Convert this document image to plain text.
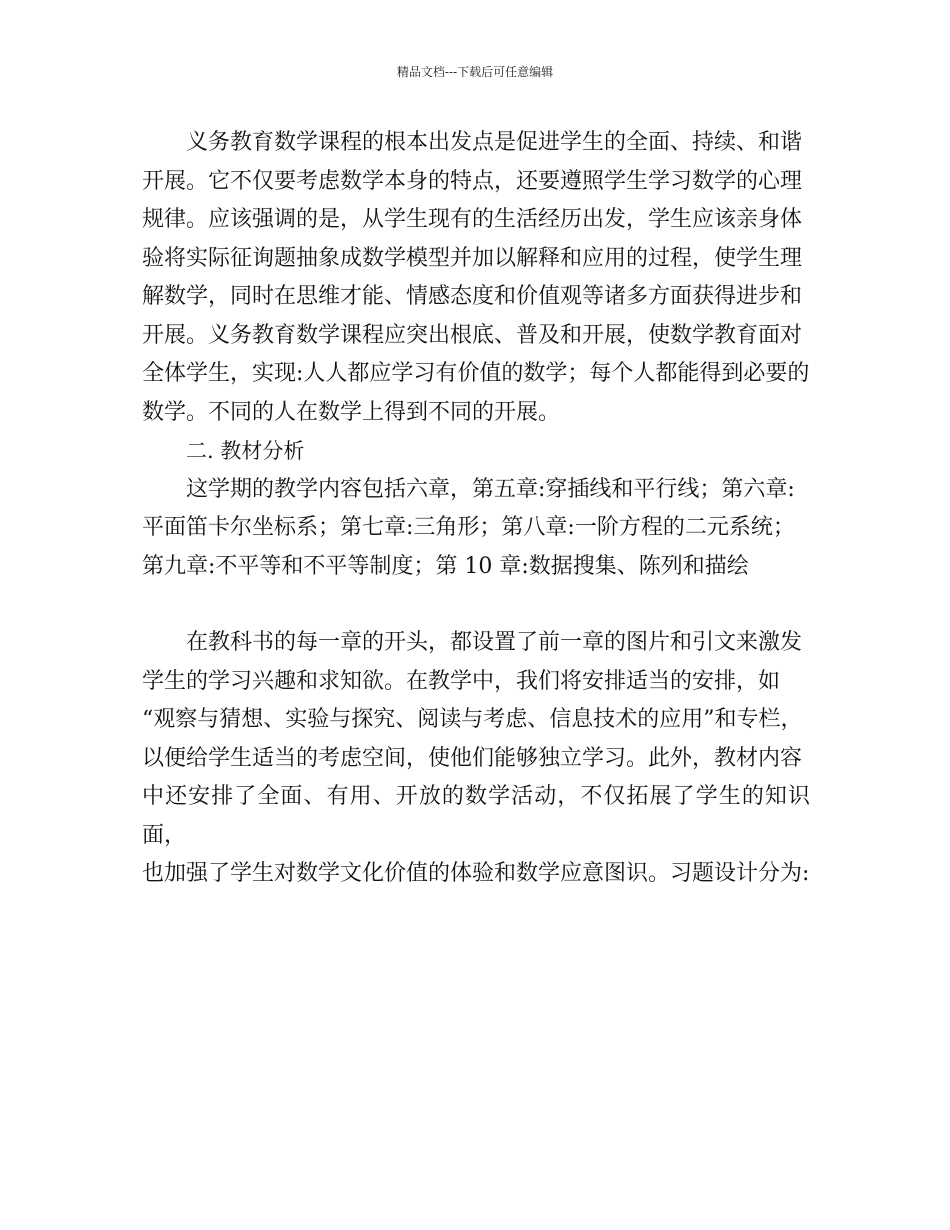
精品文档---下载后可任意编辑

义务教育数学课程的根本出发点是促进学生的全面、持续、和谐
开展。它不仅要考虑数学本身的特点，还要遵照学生学习数学的心理
规律。应该强调的是，从学生现有的生活经历出发，学生应该亲身体
验将实际征询题抽象成数学模型并加以解释和应用的过程，使学生理
解数学，同时在思维才能、情感态度和价值观等诸多方面获得进步和
开展。义务教育数学课程应突出根底、普及和开展，使数学教育面对
全体学生，实现:人人都应学习有价值的数学；每个人都能得到必要的
数学。不同的人在数学上得到不同的开展。

二. 教材分析

这学期的教学内容包括六章，第五章:穿插线和平行线；第六章:
平面笛卡尔坐标系；第七章:三角形；第八章:一阶方程的二元系统；
第九章:不平等和不平等制度；第 10 章:数据搜集、陈列和描绘

在教科书的每一章的开头，都设置了前一章的图片和引文来激发
学生的学习兴趣和求知欲。在教学中，我们将安排适当的安排，如
“观察与猜想、实验与探究、阅读与考虑、信息技术的应用”和专栏，
以便给学生适当的考虑空间，使他们能够独立学习。此外，教材内容
中还安排了全面、有用、开放的数学活动，不仅拓展了学生的知识面，
也加强了学生对数学文化价值的体验和数学应意图识。习题设计分为:
